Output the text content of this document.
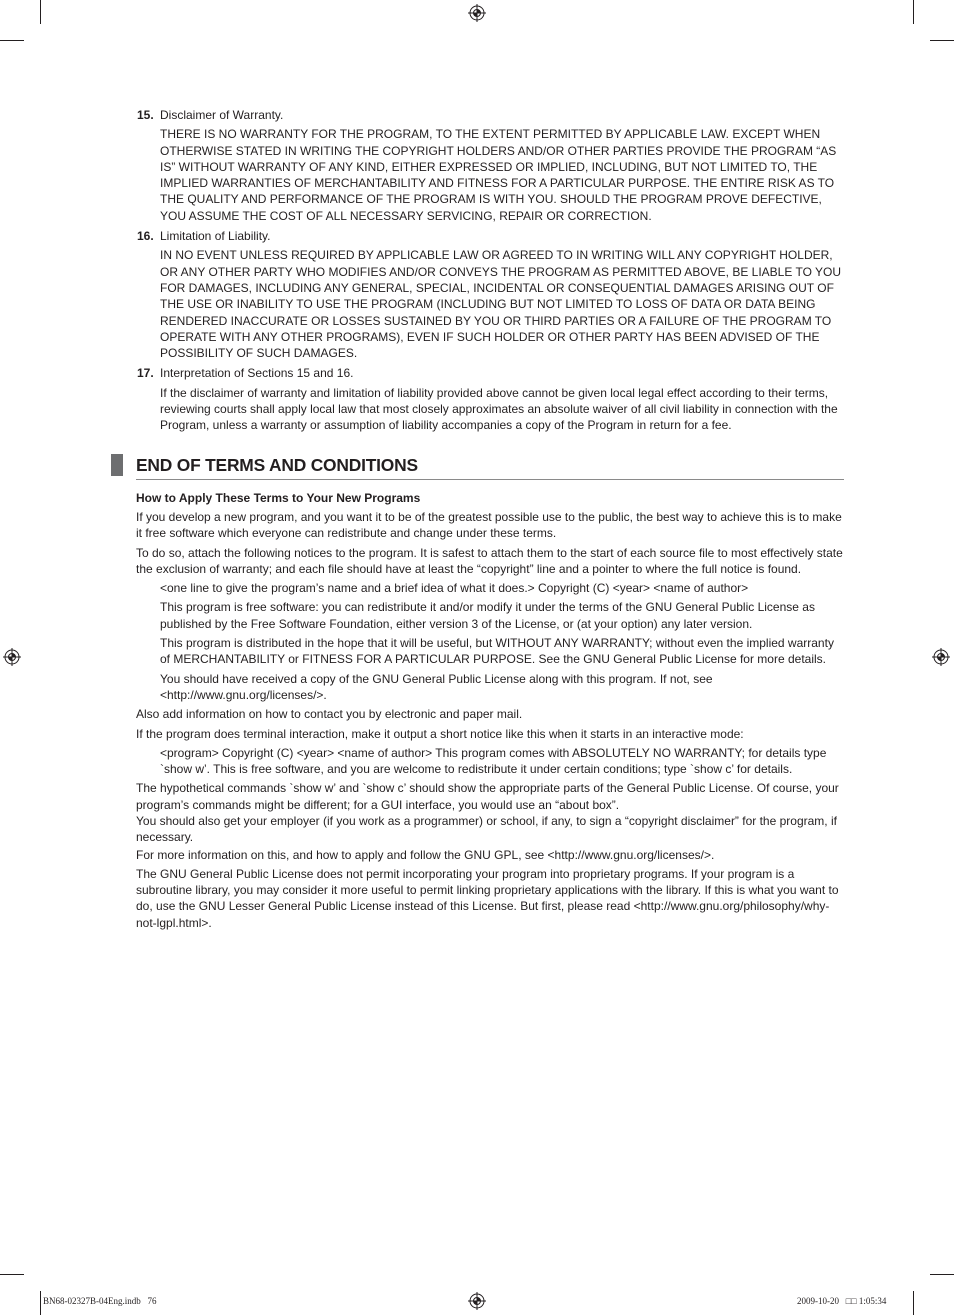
15. Disclaimer of Warranty.
THERE IS NO WARRANTY FOR THE PROGRAM, TO THE EXTENT PERMITTED BY APPLICABLE LAW. EXCEPT WHEN OTHERWISE STATED IN WRITING THE COPYRIGHT HOLDERS AND/OR OTHER PARTIES PROVIDE THE PROGRAM “AS IS” WITHOUT WARRANTY OF ANY KIND, EITHER EXPRESSED OR IMPLIED, INCLUDING, BUT NOT LIMITED TO, THE IMPLIED WARRANTIES OF MERCHANTABILITY AND FITNESS FOR A PARTICULAR PURPOSE. THE ENTIRE RISK AS TO THE QUALITY AND PERFORMANCE OF THE PROGRAM IS WITH YOU. SHOULD THE PROGRAM PROVE DEFECTIVE, YOU ASSUME THE COST OF ALL NECESSARY SERVICING, REPAIR OR CORRECTION.
16. Limitation of Liability.
IN NO EVENT UNLESS REQUIRED BY APPLICABLE LAW OR AGREED TO IN WRITING WILL ANY COPYRIGHT HOLDER, OR ANY OTHER PARTY WHO MODIFIES AND/OR CONVEYS THE PROGRAM AS PERMITTED ABOVE, BE LIABLE TO YOU FOR DAMAGES, INCLUDING ANY GENERAL, SPECIAL, INCIDENTAL OR CONSEQUENTIAL DAMAGES ARISING OUT OF THE USE OR INABILITY TO USE THE PROGRAM (INCLUDING BUT NOT LIMITED TO LOSS OF DATA OR DATA BEING RENDERED INACCURATE OR LOSSES SUSTAINED BY YOU OR THIRD PARTIES OR A FAILURE OF THE PROGRAM TO OPERATE WITH ANY OTHER PROGRAMS), EVEN IF SUCH HOLDER OR OTHER PARTY HAS BEEN ADVISED OF THE POSSIBILITY OF SUCH DAMAGES.
17. Interpretation of Sections 15 and 16.
If the disclaimer of warranty and limitation of liability provided above cannot be given local legal effect according to their terms, reviewing courts shall apply local law that most closely approximates an absolute waiver of all civil liability in connection with the Program, unless a warranty or assumption of liability accompanies a copy of the Program in return for a fee.
END OF TERMS AND CONDITIONS
How to Apply These Terms to Your New Programs

If you develop a new program, and you want it to be of the greatest possible use to the public, the best way to achieve this is to make it free software which everyone can redistribute and change under these terms.

To do so, attach the following notices to the program. It is safest to attach them to the start of each source file to most effectively state the exclusion of warranty; and each file should have at least the “copyright” line and a pointer to where the full notice is found.

<one line to give the program’s name and a brief idea of what it does.> Copyright (C) <year> <name of author>

This program is free software: you can redistribute it and/or modify it under the terms of the GNU General Public License as published by the Free Software Foundation, either version 3 of the License, or (at your option) any later version.

This program is distributed in the hope that it will be useful, but WITHOUT ANY WARRANTY; without even the implied warranty of MERCHANTABILITY or FITNESS FOR A PARTICULAR PURPOSE. See the GNU General Public License for more details.

You should have received a copy of the GNU General Public License along with this program. If not, see <http://www.gnu.org/licenses/>.

Also add information on how to contact you by electronic and paper mail.

If the program does terminal interaction, make it output a short notice like this when it starts in an interactive mode:

<program> Copyright (C) <year> <name of author> This program comes with ABSOLUTELY NO WARRANTY; for details type `show w’. This is free software, and you are welcome to redistribute it under certain conditions; type `show c’ for details.

The hypothetical commands `show w’ and `show c’ should show the appropriate parts of the General Public License. Of course, your program’s commands might be different; for a GUI interface, you would use an “about box”.

You should also get your employer (if you work as a programmer) or school, if any, to sign a “copyright disclaimer” for the program, if necessary.

For more information on this, and how to apply and follow the GNU GPL, see <http://www.gnu.org/licenses/>.

The GNU General Public License does not permit incorporating your program into proprietary programs. If your program is a subroutine library, you may consider it more useful to permit linking proprietary applications with the library. If this is what you want to do, use the GNU Lesser General Public License instead of this License. But first, please read <http://www.gnu.org/philosophy/why-not-lgpl.html>.

BN68-02327B-04Eng.indb 76	2009-10-20 □□ 1:05:34
